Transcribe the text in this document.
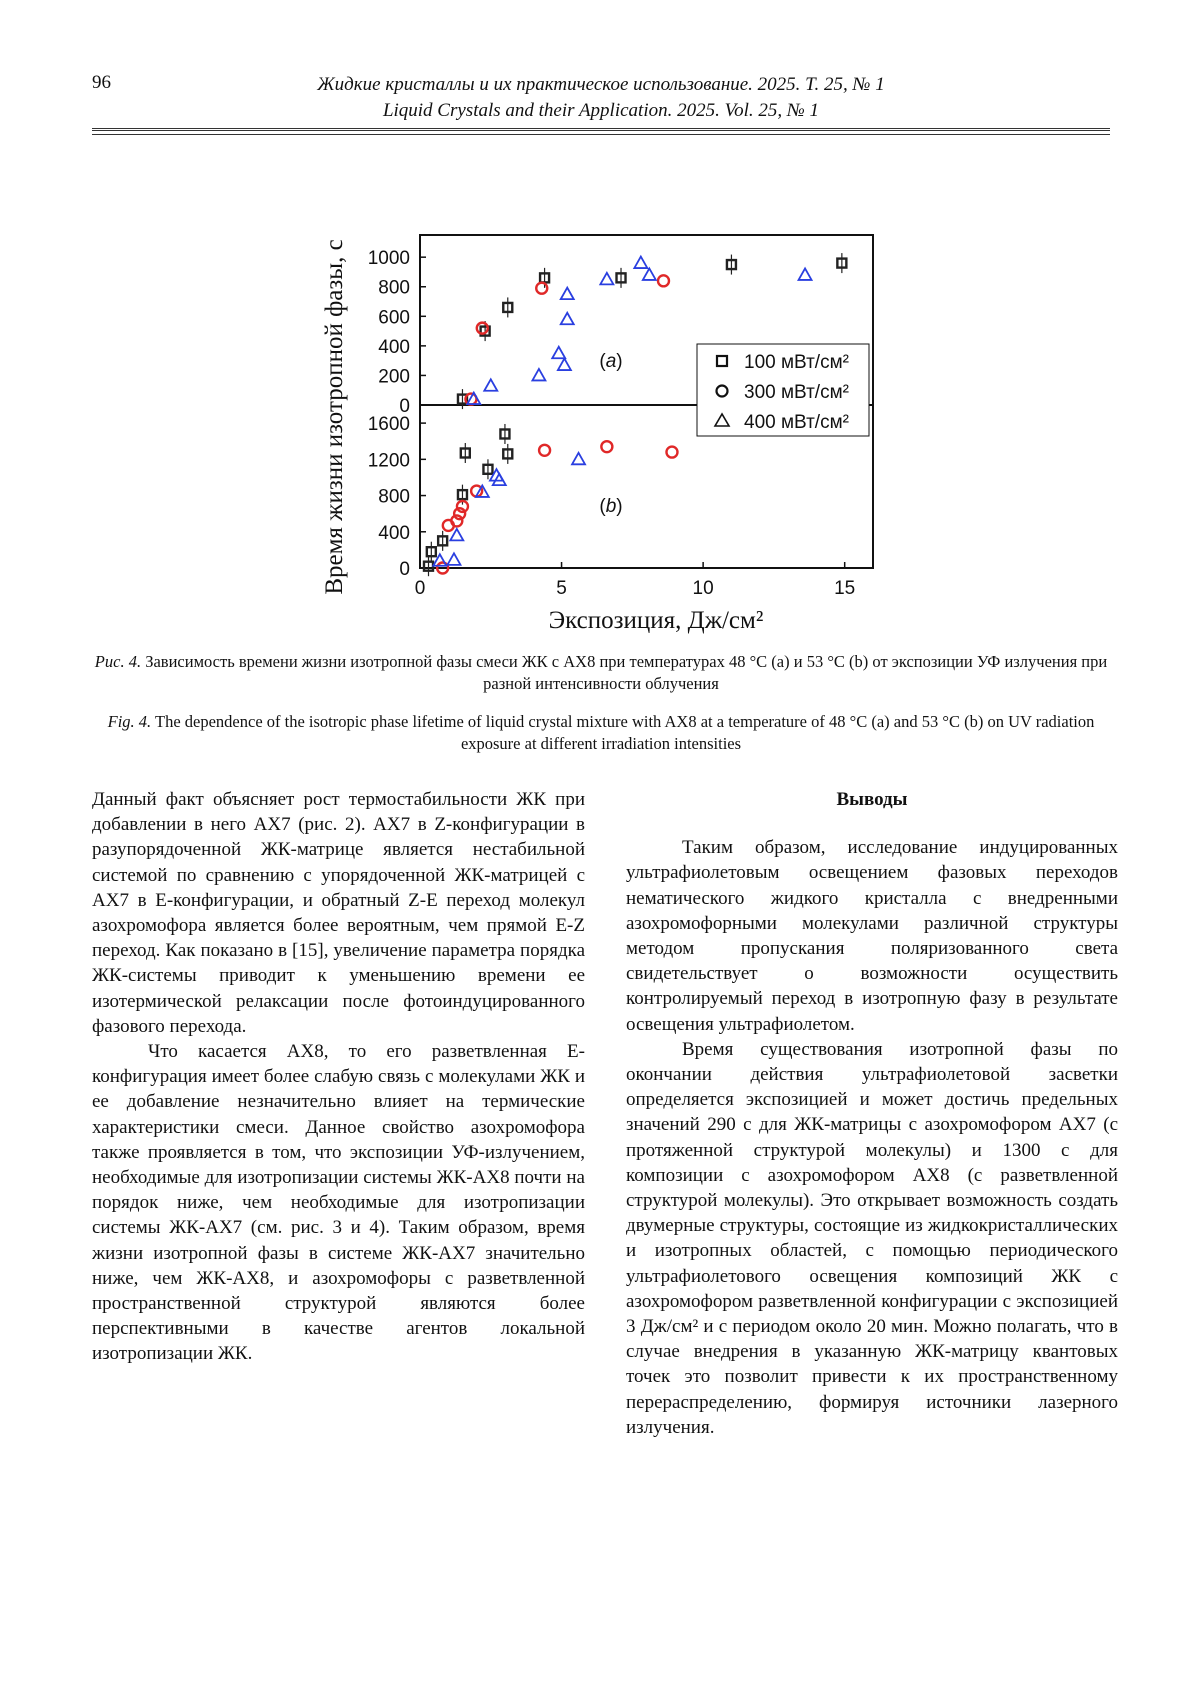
96	Жидкие кристаллы и их практическое использование. 2025. Т. 25, № 1
Liquid Crystals and their Application. 2025. Vol. 25, № 1
0	5	10	15
0
200
400
600
800
1000
0
400
800
1200
1600
(a)
(b)
100 мВт/см²
300 мВт/см²
400 мВт/см²
Время жизни изотропной фазы, с
Экспозиция, Дж/см²
Рис. 4. Зависимость времени жизни изотропной фазы смеси ЖК с АХ8 при температурах 48 °С (a) и 53 °С (b) от экспозиции УФ излучения при разной интенсивности облучения
Fig. 4. The dependence of the isotropic phase lifetime of liquid crystal mixture with AX8 at a temperature of 48 °C (a) and 53 °C (b) on UV radiation exposure at different irradiation intensities

Данный факт объясняет рост термостабильности ЖК при добавлении в него АХ7 (рис. 2). АХ7 в Z-конфигурации в разупорядоченной ЖК-матрице является нестабильной системой по сравнению с упорядоченной ЖК-матрицей с АХ7 в Е-конфигурации, и обратный Z-E переход молекул азохромофора является более вероятным, чем прямой E-Z переход. Как показано в [15], увеличение параметра порядка ЖК-системы приводит к уменьшению времени ее изотермической релаксации после фотоиндуцированного фазового перехода.

Что касается АХ8, то его разветвленная Е-конфигурация имеет более слабую связь с молекулами ЖК и ее добавление незначительно влияет на термические характеристики смеси. Данное свойство азохромофора также проявляется в том, что экспозиции УФ-излучением, необходимые для изотропизации системы ЖК-АХ8 почти на порядок ниже, чем необходимые для изотропизации системы ЖК-АХ7 (см. рис. 3 и 4). Таким образом, время жизни изотропной фазы в системе ЖК-АХ7 значительно ниже, чем ЖК-АХ8, и азохромофоры с разветвленной пространственной структурой являются более перспективными в качестве агентов локальной изотропизации ЖК.

Выводы

Таким образом, исследование индуцированных ультрафиолетовым освещением фазовых переходов нематического жидкого кристалла с внедренными азохромофорными молекулами различной структуры методом пропускания поляризованного света свидетельствует о возможности осуществить контролируемый переход в изотропную фазу в результате освещения ультрафиолетом.

Время существования изотропной фазы по окончании действия ультрафиолетовой засветки определяется экспозицией и может достичь предельных значений 290 с для ЖК-матрицы с азохромофором АХ7 (с протяженной структурой молекулы) и 1300 с для композиции с азохромофором АХ8 (с разветвленной структурой молекулы). Это открывает возможность создать двумерные структуры, состоящие из жидкокристаллических и изотропных областей, с помощью периодического ультрафиолетового освещения композиций ЖК с азохромофором разветвленной конфигурации с экспозицией 3 Дж/см² и с периодом около 20 мин. Можно полагать, что в случае внедрения в указанную ЖК-матрицу квантовых точек это позволит привести к их пространственному перераспределению, формируя источники лазерного излучения.
